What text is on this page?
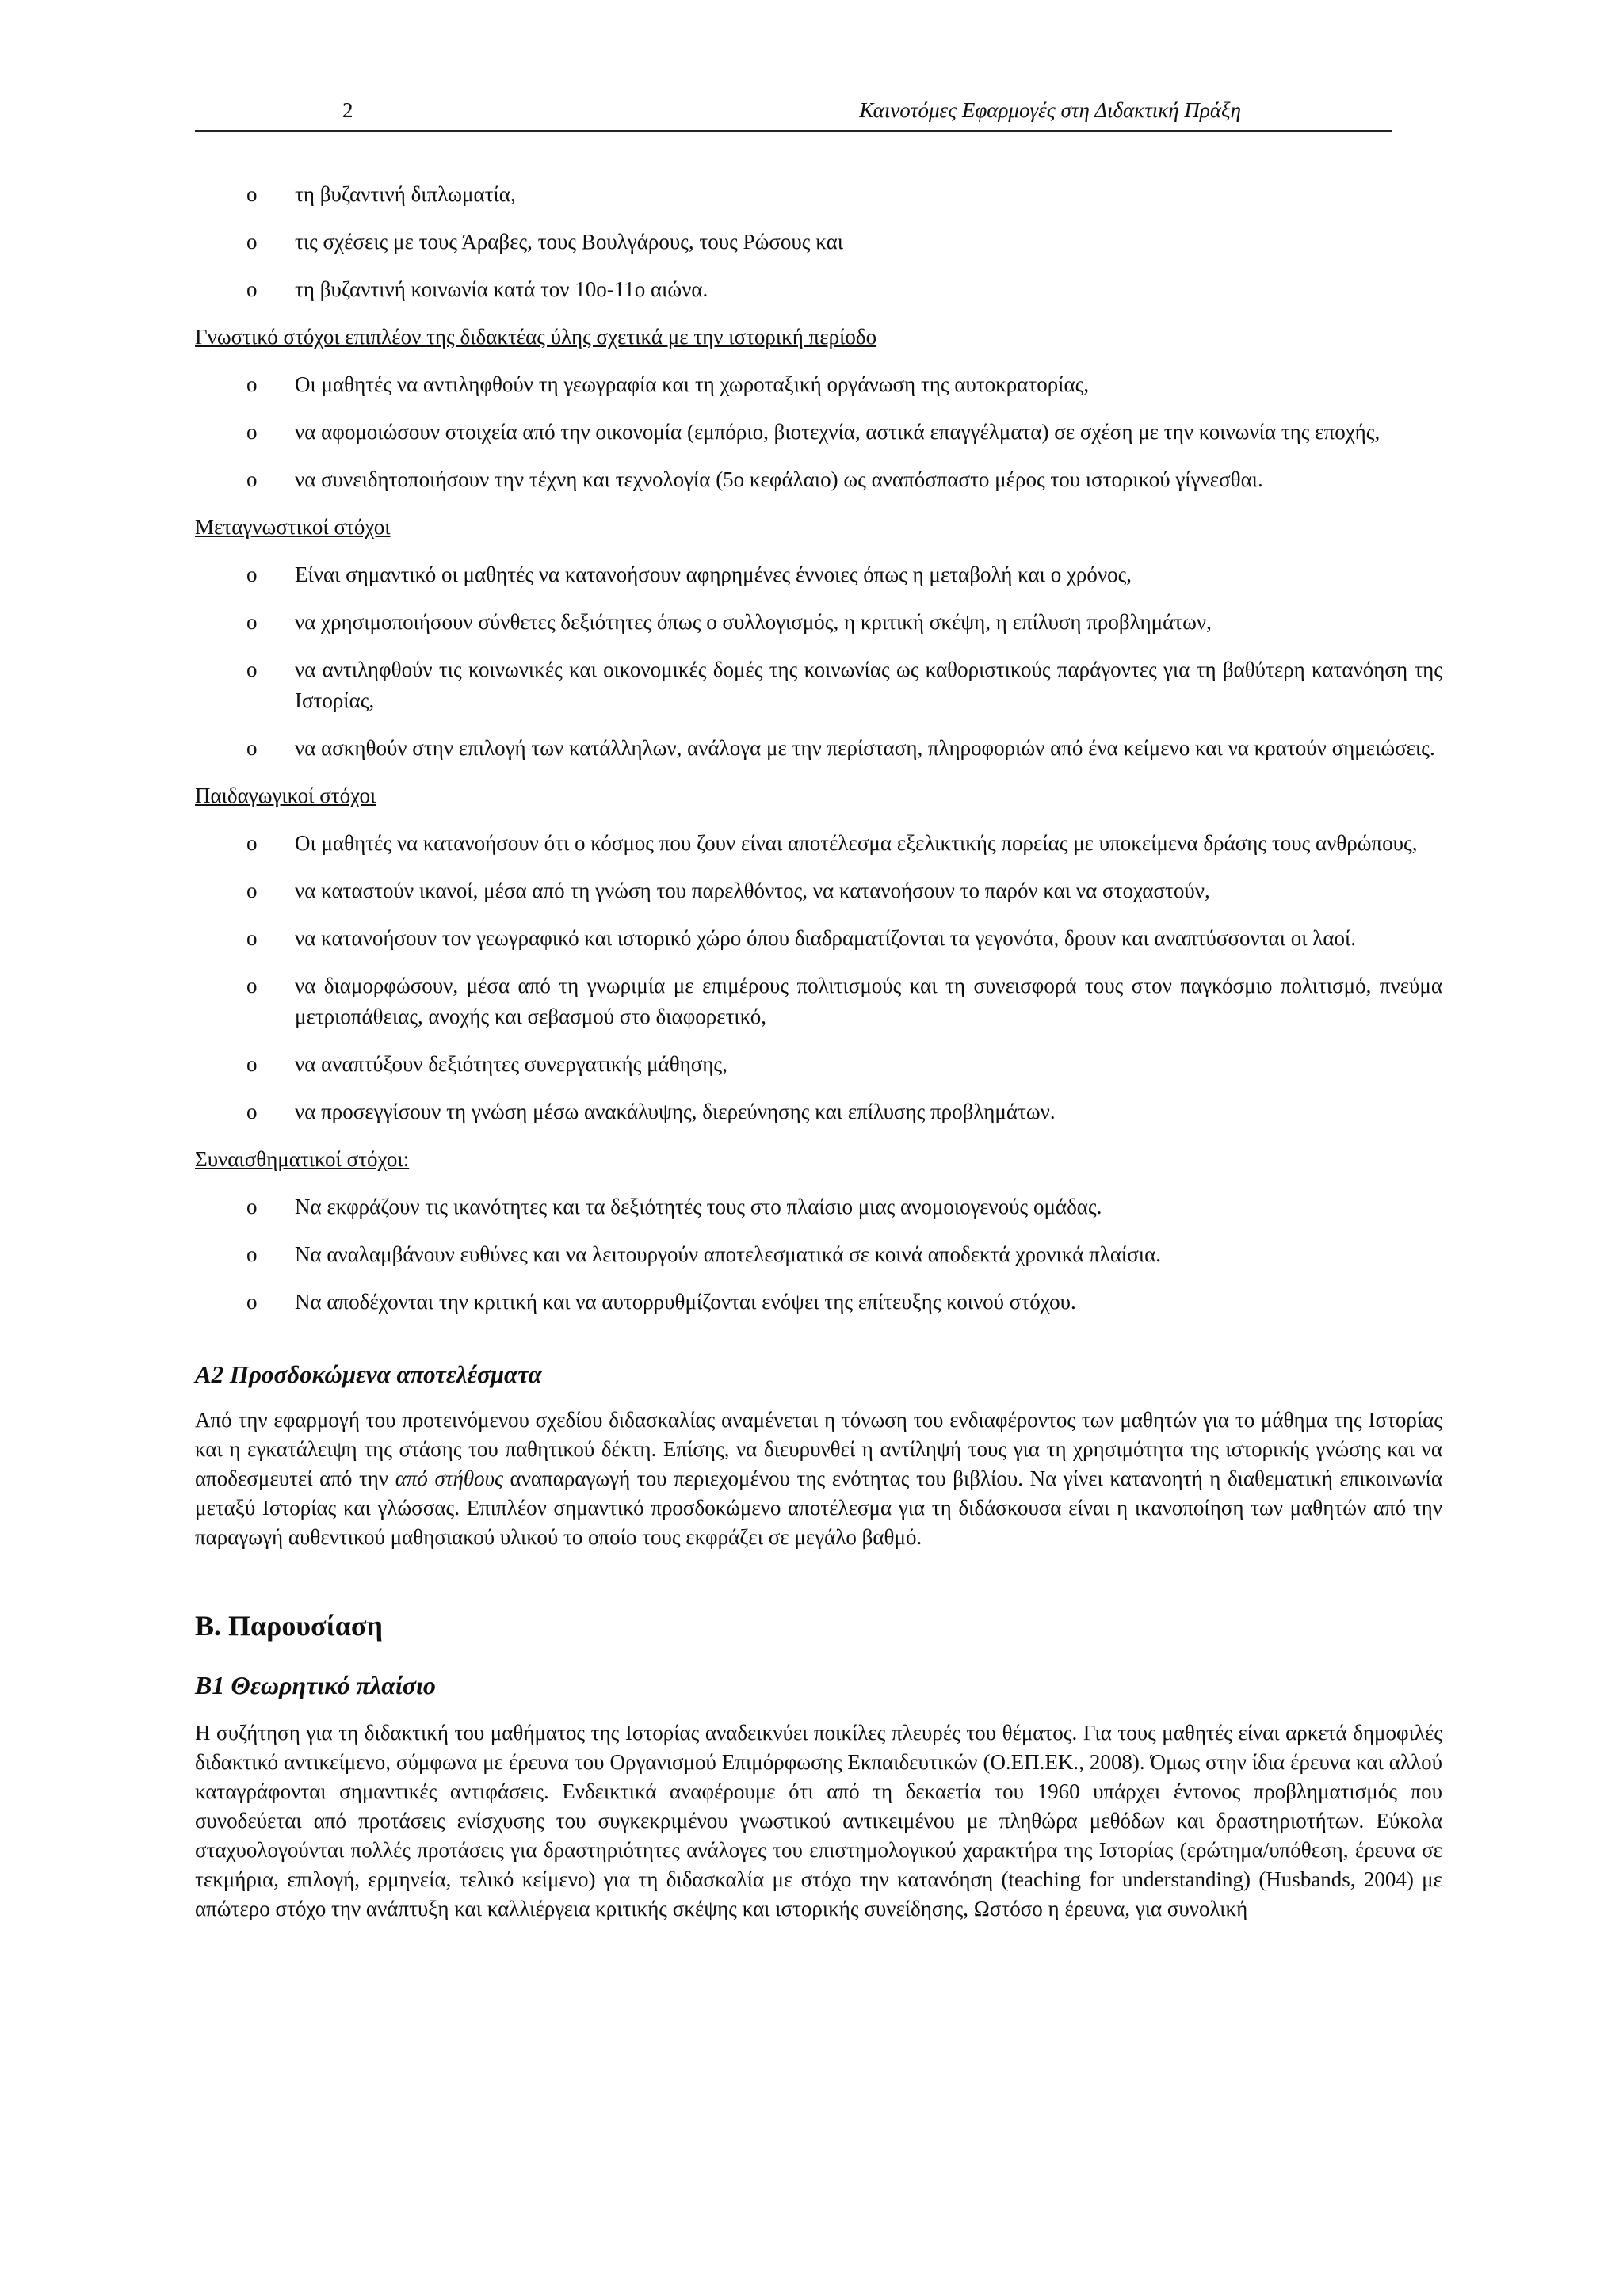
2	Καινοτόμες Εφαρμογές στη Διδακτική Πράξη
o τη βυζαντινή διπλωματία,
o τις σχέσεις με τους Άραβες, τους Βουλγάρους, τους Ρώσους και
o τη βυζαντινή κοινωνία κατά τον 10ο-11ο αιώνα.
Γνωστικό στόχοι επιπλέον της διδακτέας ύλης σχετικά με την ιστορική περίοδο
o Οι μαθητές να αντιληφθούν τη γεωγραφία και τη χωροταξική οργάνωση της αυτοκρατορίας,
o να αφομοιώσουν στοιχεία από την οικονομία (εμπόριο, βιοτεχνία, αστικά επαγγέλματα) σε σχέση με την κοινωνία της εποχής,
o να συνειδητοποιήσουν την τέχνη και τεχνολογία (5ο κεφάλαιο) ως αναπόσπαστο μέρος του ιστορικού γίγνεσθαι.
Μεταγνωστικοί στόχοι
o Είναι σημαντικό οι μαθητές να κατανοήσουν αφηρημένες έννοιες όπως η μεταβολή και ο χρόνος,
o να χρησιμοποιήσουν σύνθετες δεξιότητες όπως ο συλλογισμός, η κριτική σκέψη, η επίλυση προβλημάτων,
o να αντιληφθούν τις κοινωνικές και οικονομικές δομές της κοινωνίας ως καθοριστικούς παράγοντες για τη βαθύτερη κατανόηση της Ιστορίας,
o να ασκηθούν στην επιλογή των κατάλληλων, ανάλογα με την περίσταση, πληροφοριών από ένα κείμενο και να κρατούν σημειώσεις.
Παιδαγωγικοί στόχοι
o Οι μαθητές να κατανοήσουν ότι ο κόσμος που ζουν είναι αποτέλεσμα εξελικτικής πορείας με υποκείμενα δράσης τους ανθρώπους,
o να καταστούν ικανοί, μέσα από τη γνώση του παρελθόντος, να κατανοήσουν το παρόν και να στοχαστούν,
o να κατανοήσουν τον γεωγραφικό και ιστορικό χώρο όπου διαδραματίζονται τα γεγονότα, δρουν και αναπτύσσονται οι λαοί.
o να διαμορφώσουν, μέσα από τη γνωριμία με επιμέρους πολιτισμούς και τη συνεισφορά τους στον παγκόσμιο πολιτισμό, πνεύμα μετριοπάθειας, ανοχής και σεβασμού στο διαφορετικό,
o να αναπτύξουν δεξιότητες συνεργατικής μάθησης,
o να προσεγγίσουν τη γνώση μέσω ανακάλυψης, διερεύνησης και επίλυσης προβλημάτων.
Συναισθηματικοί στόχοι:
o Να εκφράζουν τις ικανότητες και τα δεξιότητές τους στο πλαίσιο μιας ανομοιογενούς ομάδας.
o Να αναλαμβάνουν ευθύνες και να λειτουργούν αποτελεσματικά σε κοινά αποδεκτά χρονικά πλαίσια.
o Να αποδέχονται την κριτική και να αυτορρυθμίζονται ενόψει της επίτευξης κοινού στόχου.
Α2 Προσδοκώμενα αποτελέσματα

Από την εφαρμογή του προτεινόμενου σχεδίου διδασκαλίας αναμένεται η τόνωση του ενδιαφέροντος των μαθητών για το μάθημα της Ιστορίας και η εγκατάλειψη της στάσης του παθητικού δέκτη. Επίσης, να διευρυνθεί η αντίληψή τους για τη χρησιμότητα της ιστορικής γνώσης και να αποδεσμευτεί από την από στήθους αναπαραγωγή του περιεχομένου της ενότητας του βιβλίου. Να γίνει κατανοητή η διαθεματική επικοινωνία μεταξύ Ιστορίας και γλώσσας. Επιπλέον σημαντικό προσδοκώμενο αποτέλεσμα για τη διδάσκουσα είναι η ικανοποίηση των μαθητών από την παραγωγή αυθεντικού μαθησιακού υλικού το οποίο τους εκφράζει σε μεγάλο βαθμό.

Β. Παρουσίαση
Β1 Θεωρητικό πλαίσιο

Η συζήτηση για τη διδακτική του μαθήματος της Ιστορίας αναδεικνύει ποικίλες πλευρές του θέματος. Για τους μαθητές είναι αρκετά δημοφιλές διδακτικό αντικείμενο, σύμφωνα με έρευνα του Οργανισμού Επιμόρφωσης Εκπαιδευτικών (Ο.ΕΠ.ΕΚ., 2008). Όμως στην ίδια έρευνα και αλλού καταγράφονται σημαντικές αντιφάσεις. Ενδεικτικά αναφέρουμε ότι από τη δεκαετία του 1960 υπάρχει έντονος προβληματισμός που συνοδεύεται από προτάσεις ενίσχυσης του συγκεκριμένου γνωστικού αντικειμένου με πληθώρα μεθόδων και δραστηριοτήτων. Εύκολα σταχυολογούνται πολλές προτάσεις για δραστηριότητες ανάλογες του επιστημολογικού χαρακτήρα της Ιστορίας (ερώτημα/υπόθεση, έρευνα σε τεκμήρια, επιλογή, ερμηνεία, τελικό κείμενο) για τη διδασκαλία με στόχο την κατανόηση (teaching for understanding) (Husbands, 2004) με απώτερο στόχο την ανάπτυξη και καλλιέργεια κριτικής σκέψης και ιστορικής συνείδησης, Ωστόσο η έρευνα, για συνολική
